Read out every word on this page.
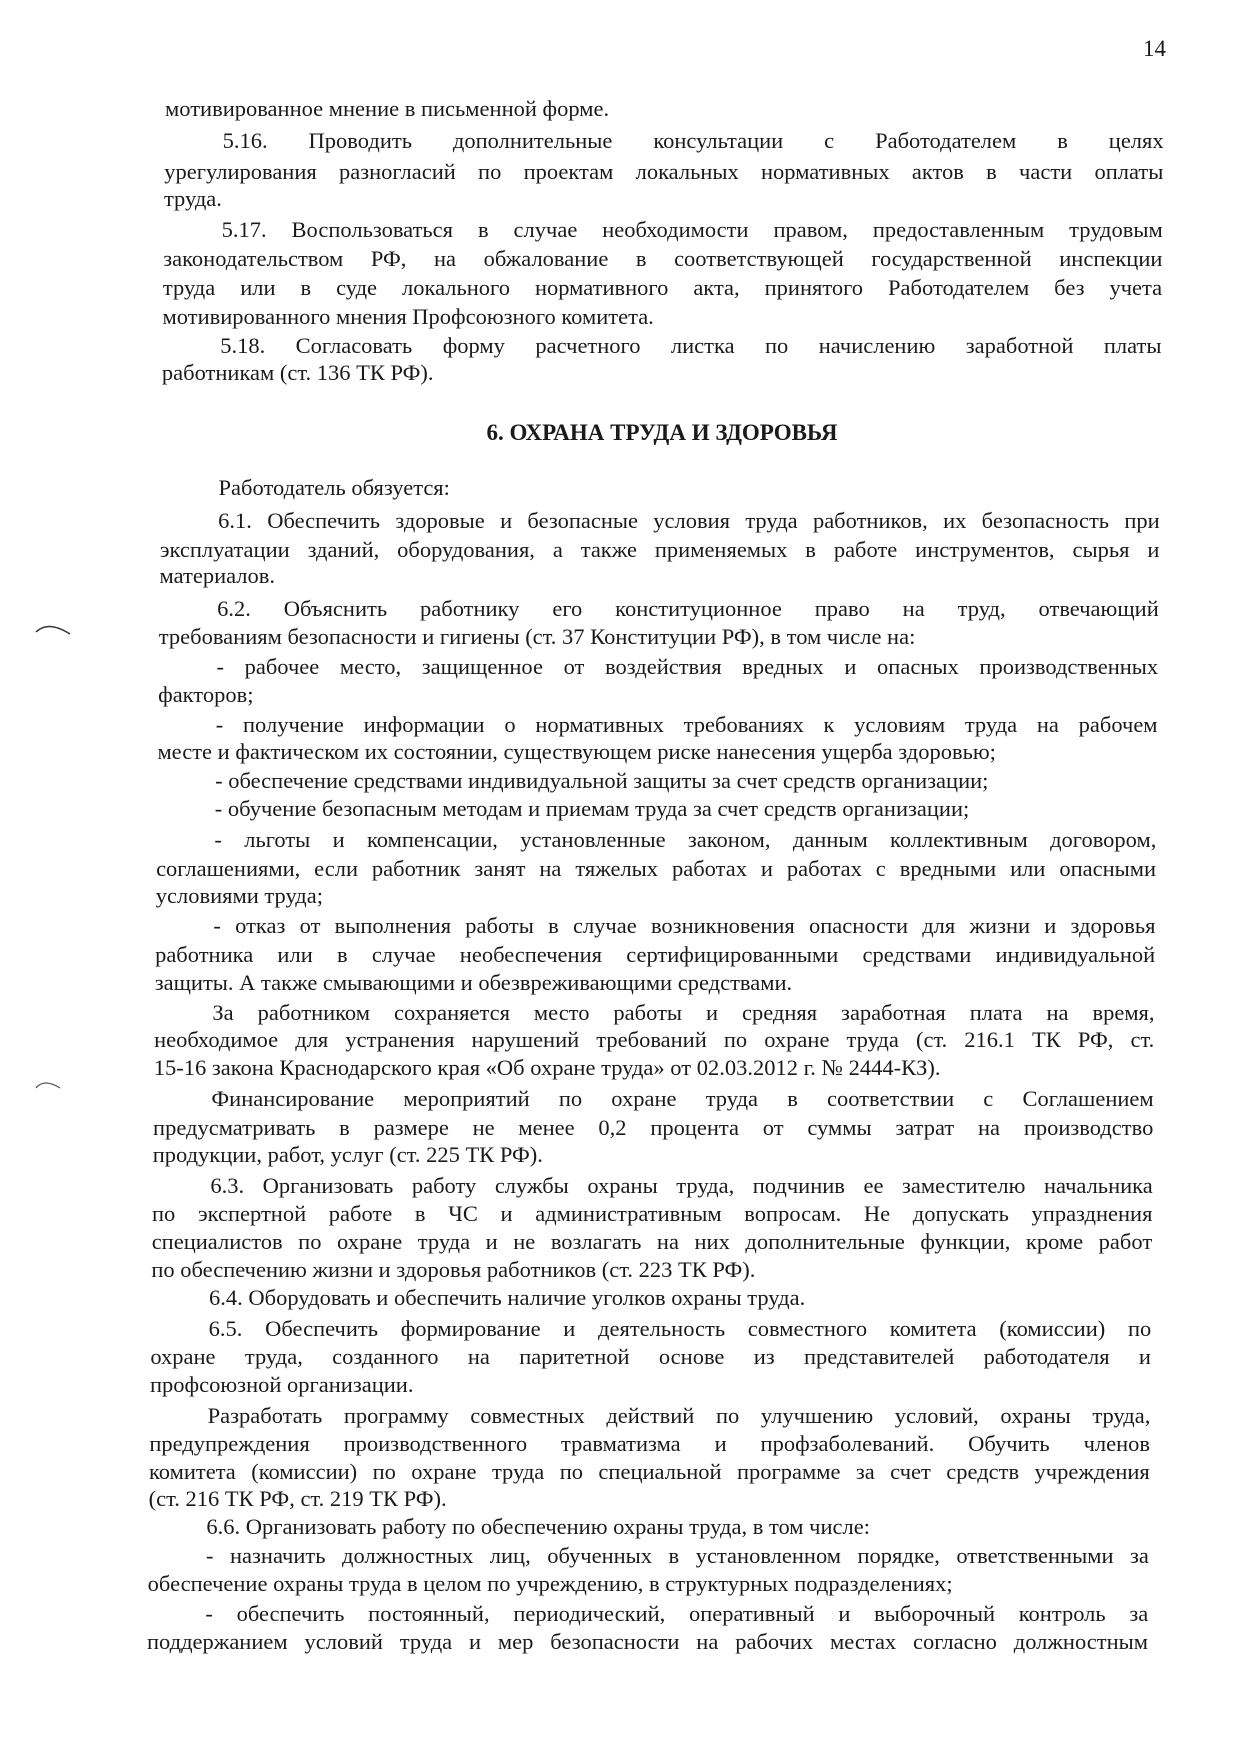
14
мотивированное мнение в письменной форме.
5.16. Проводить дополнительные консультации с Работодателем в целях
урегулирования разногласий по проектам локальных нормативных актов в части оплаты
труда.
5.17. Воспользоваться в случае необходимости правом, предоставленным трудовым
законодательством РФ, на обжалование в соответствующей государственной инспекции
труда или в суде локального нормативного акта, принятого Работодателем без учета
мотивированного мнения Профсоюзного комитета.
5.18. Согласовать форму расчетного листка по начислению заработной платы
работникам (ст. 136 ТК РФ).
Работодатель обязуется:
6.1. Обеспечить здоровые и безопасные условия труда работников, их безопасность при
эксплуатации зданий, оборудования, а также применяемых в работе инструментов, сырья и
материалов.
6.2. Объяснить работнику его конституционное право на труд, отвечающий
требованиям безопасности и гигиены (ст. 37 Конституции РФ), в том числе на:
- рабочее место, защищенное от воздействия вредных и опасных производственных
факторов;
- получение информации о нормативных требованиях к условиям труда на рабочем
месте и фактическом их состоянии, существующем риске нанесения ущерба здоровью;
- обеспечение средствами индивидуальной защиты за счет средств организации;
- обучение безопасным методам и приемам труда за счет средств организации;
- льготы и компенсации, установленные законом, данным коллективным договором,
соглашениями, если работник занят на тяжелых работах и работах с вредными или опасными
условиями труда;
- отказ от выполнения работы в случае возникновения опасности для жизни и здоровья
работника или в случае необеспечения сертифицированными средствами индивидуальной
защиты. А также смывающими и обезвреживающими средствами.
За работником сохраняется место работы и средняя заработная плата на время,
необходимое для устранения нарушений требований по охране труда (ст. 216.1 ТК РФ, ст.
15-16 закона Краснодарского края «Об охране труда» от 02.03.2012 г. № 2444-КЗ).
Финансирование мероприятий по охране труда в соответствии с Соглашением
предусматривать в размере не менее 0,2 процента от суммы затрат на производство
продукции, работ, услуг (ст. 225 ТК РФ).
6.3. Организовать работу службы охраны труда, подчинив ее заместителю начальника
по экспертной работе в ЧС и административным вопросам. Не допускать упразднения
специалистов по охране труда и не возлагать на них дополнительные функции, кроме работ
по обеспечению жизни и здоровья работников (ст. 223 ТК РФ).
6.4. Оборудовать и обеспечить наличие уголков охраны труда.
6.5. Обеспечить формирование и деятельность совместного комитета (комиссии) по
охране труда, созданного на паритетной основе из представителей работодателя и
профсоюзной организации.
Разработать программу совместных действий по улучшению условий, охраны труда,
предупреждения производственного травматизма и профзаболеваний. Обучить членов
комитета (комиссии) по охране труда по специальной программе за счет средств учреждения
(ст. 216 ТК РФ, ст. 219 ТК РФ).
6.6. Организовать работу по обеспечению охраны труда, в том числе:
- назначить должностных лиц, обученных в установленном порядке, ответственными за
обеспечение охраны труда в целом по учреждению, в структурных подразделениях;
- обеспечить постоянный, периодический, оперативный и выборочный контроль за
поддержанием условий труда и мер безопасности на рабочих местах согласно должностным
6. ОХРАНА ТРУДА И ЗДОРОВЬЯ
